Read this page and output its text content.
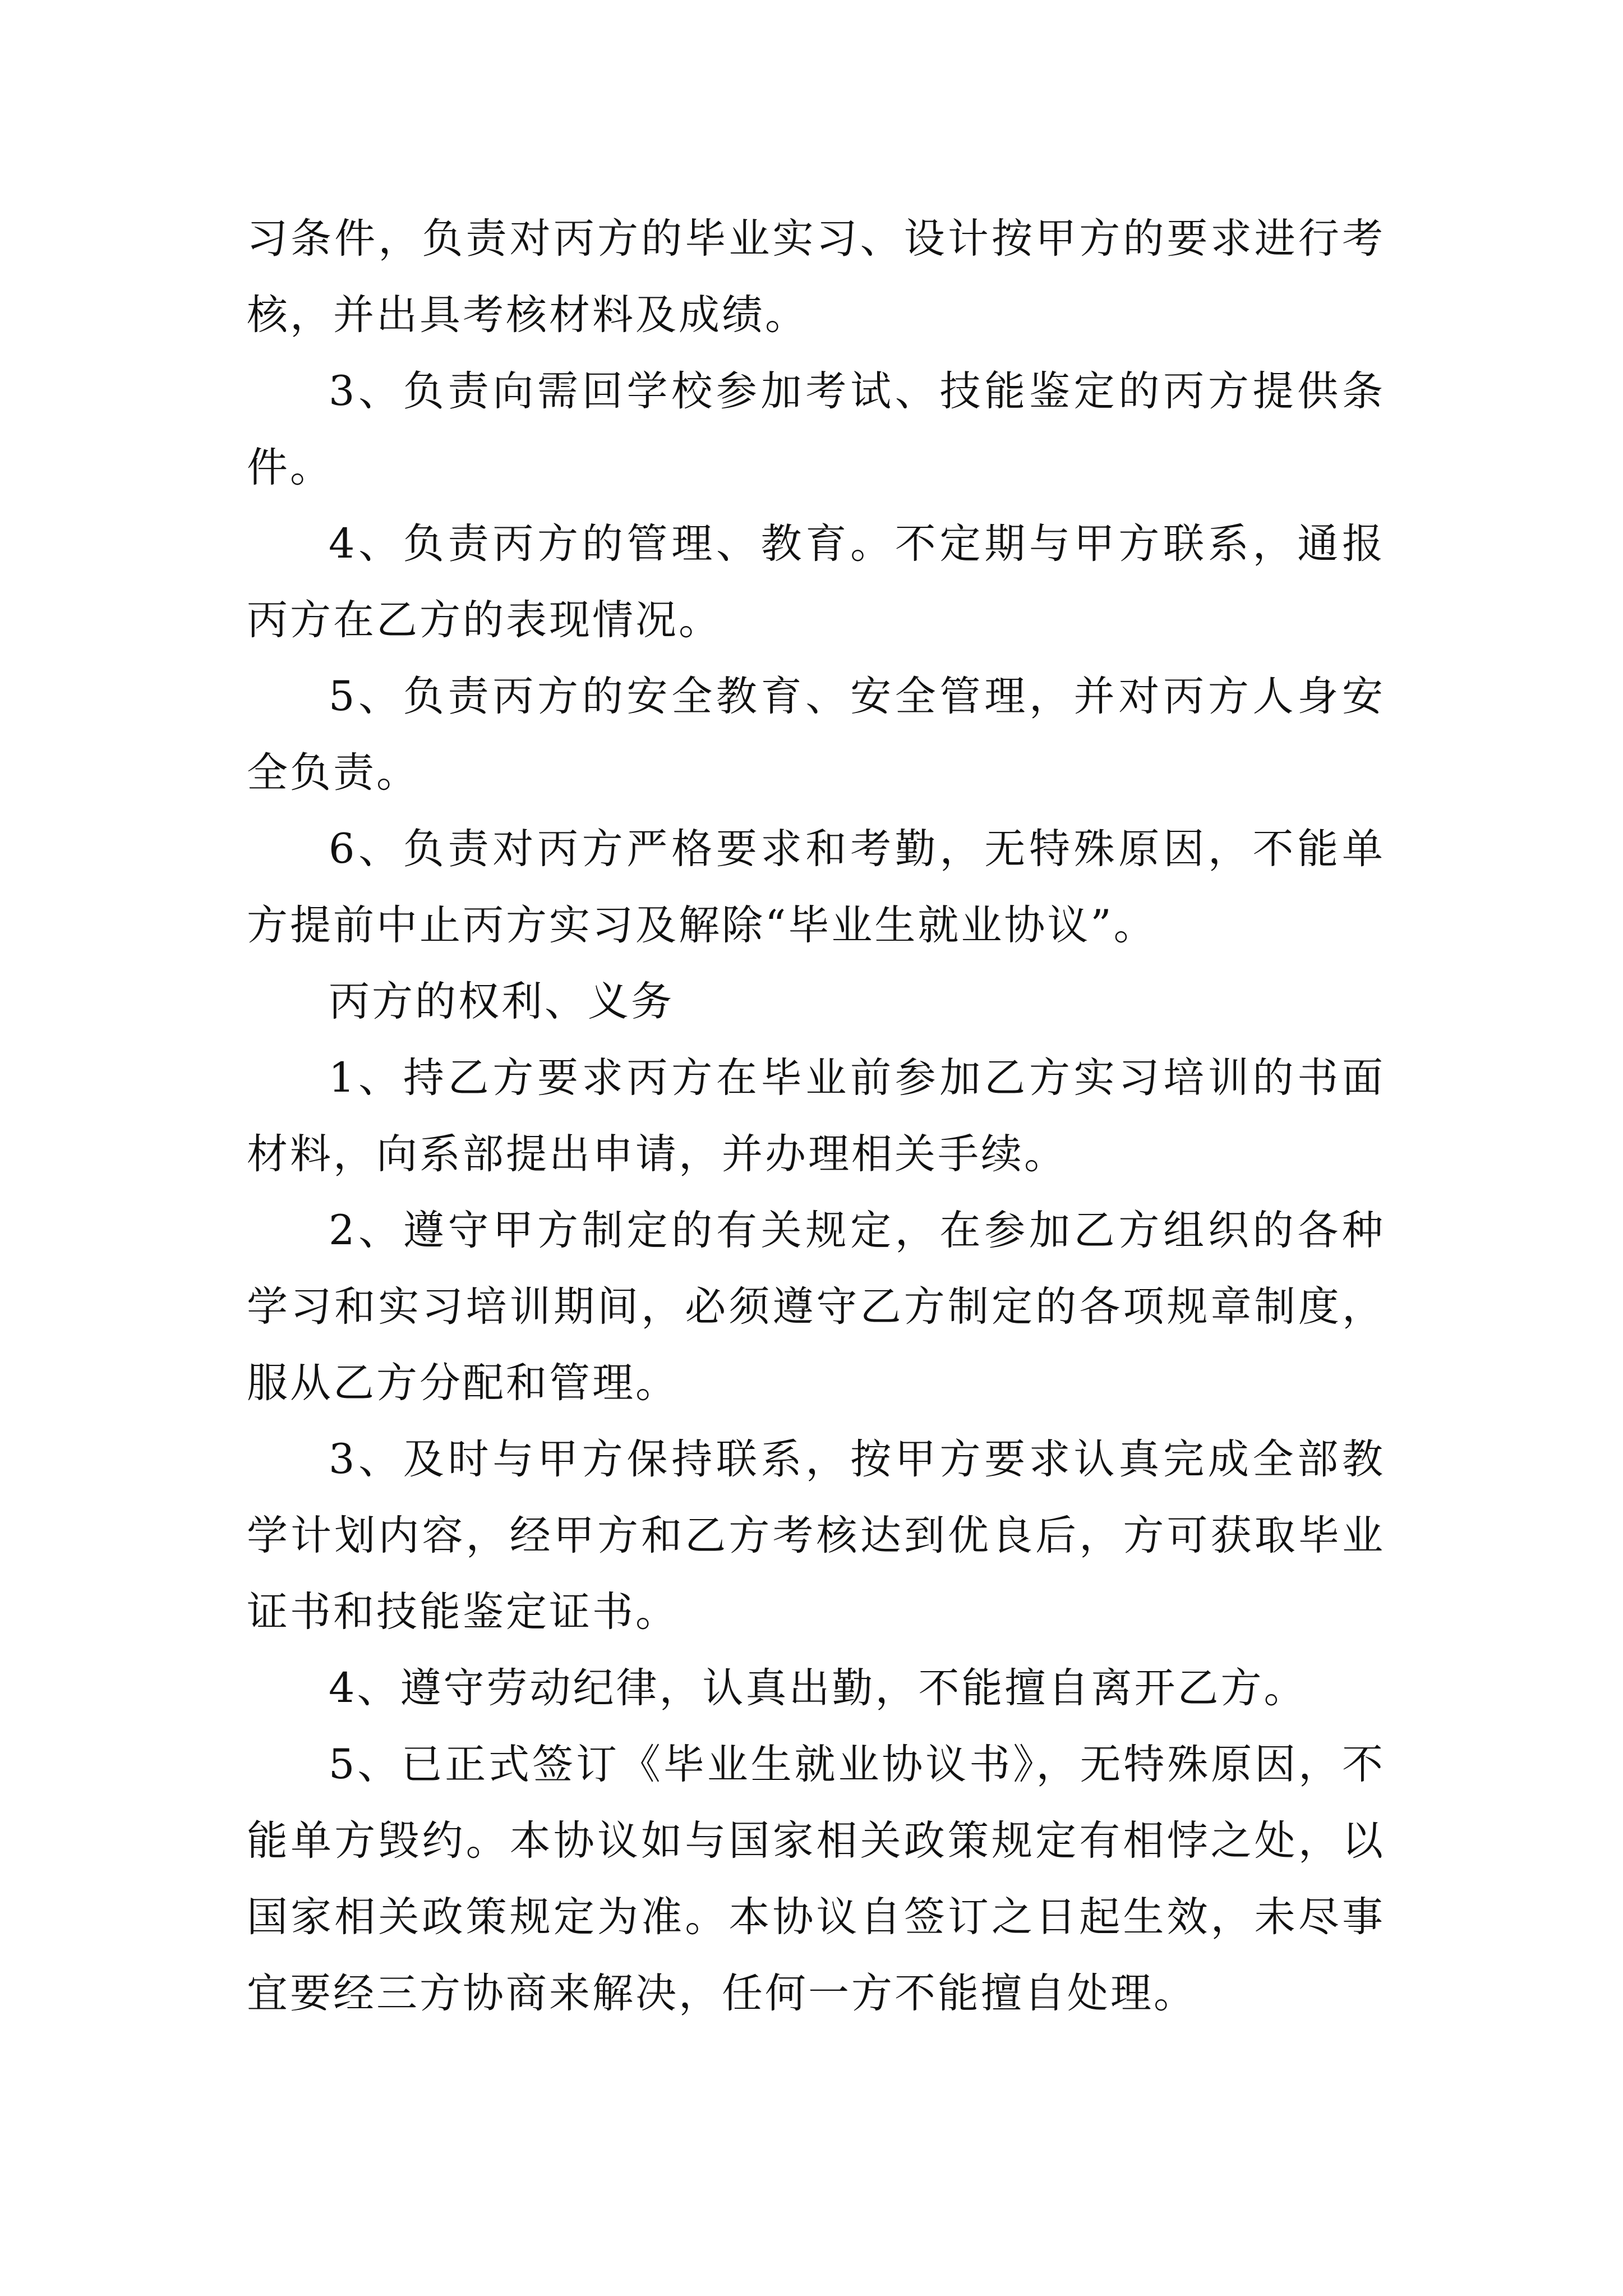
习条件，负责对丙方的毕业实习、设计按甲方的要求进行考核，并出具考核材料及成绩。

3、负责向需回学校参加考试、技能鉴定的丙方提供条件。

4、负责丙方的管理、教育。不定期与甲方联系，通报丙方在乙方的表现情况。

5、负责丙方的安全教育、安全管理，并对丙方人身安全负责。

6、负责对丙方严格要求和考勤，无特殊原因，不能单方提前中止丙方实习及解除“毕业生就业协议”。

丙方的权利、义务

1、持乙方要求丙方在毕业前参加乙方实习培训的书面材料，向系部提出申请，并办理相关手续。

2、遵守甲方制定的有关规定，在参加乙方组织的各种学习和实习培训期间，必须遵守乙方制定的各项规章制度，服从乙方分配和管理。

3、及时与甲方保持联系，按甲方要求认真完成全部教学计划内容，经甲方和乙方考核达到优良后，方可获取毕业证书和技能鉴定证书。

4、遵守劳动纪律，认真出勤，不能擅自离开乙方。

5、已正式签订《毕业生就业协议书》，无特殊原因，不能单方毁约。本协议如与国家相关政策规定有相悖之处，以国家相关政策规定为准。本协议自签订之日起生效，未尽事宜要经三方协商来解决，任何一方不能擅自处理。
